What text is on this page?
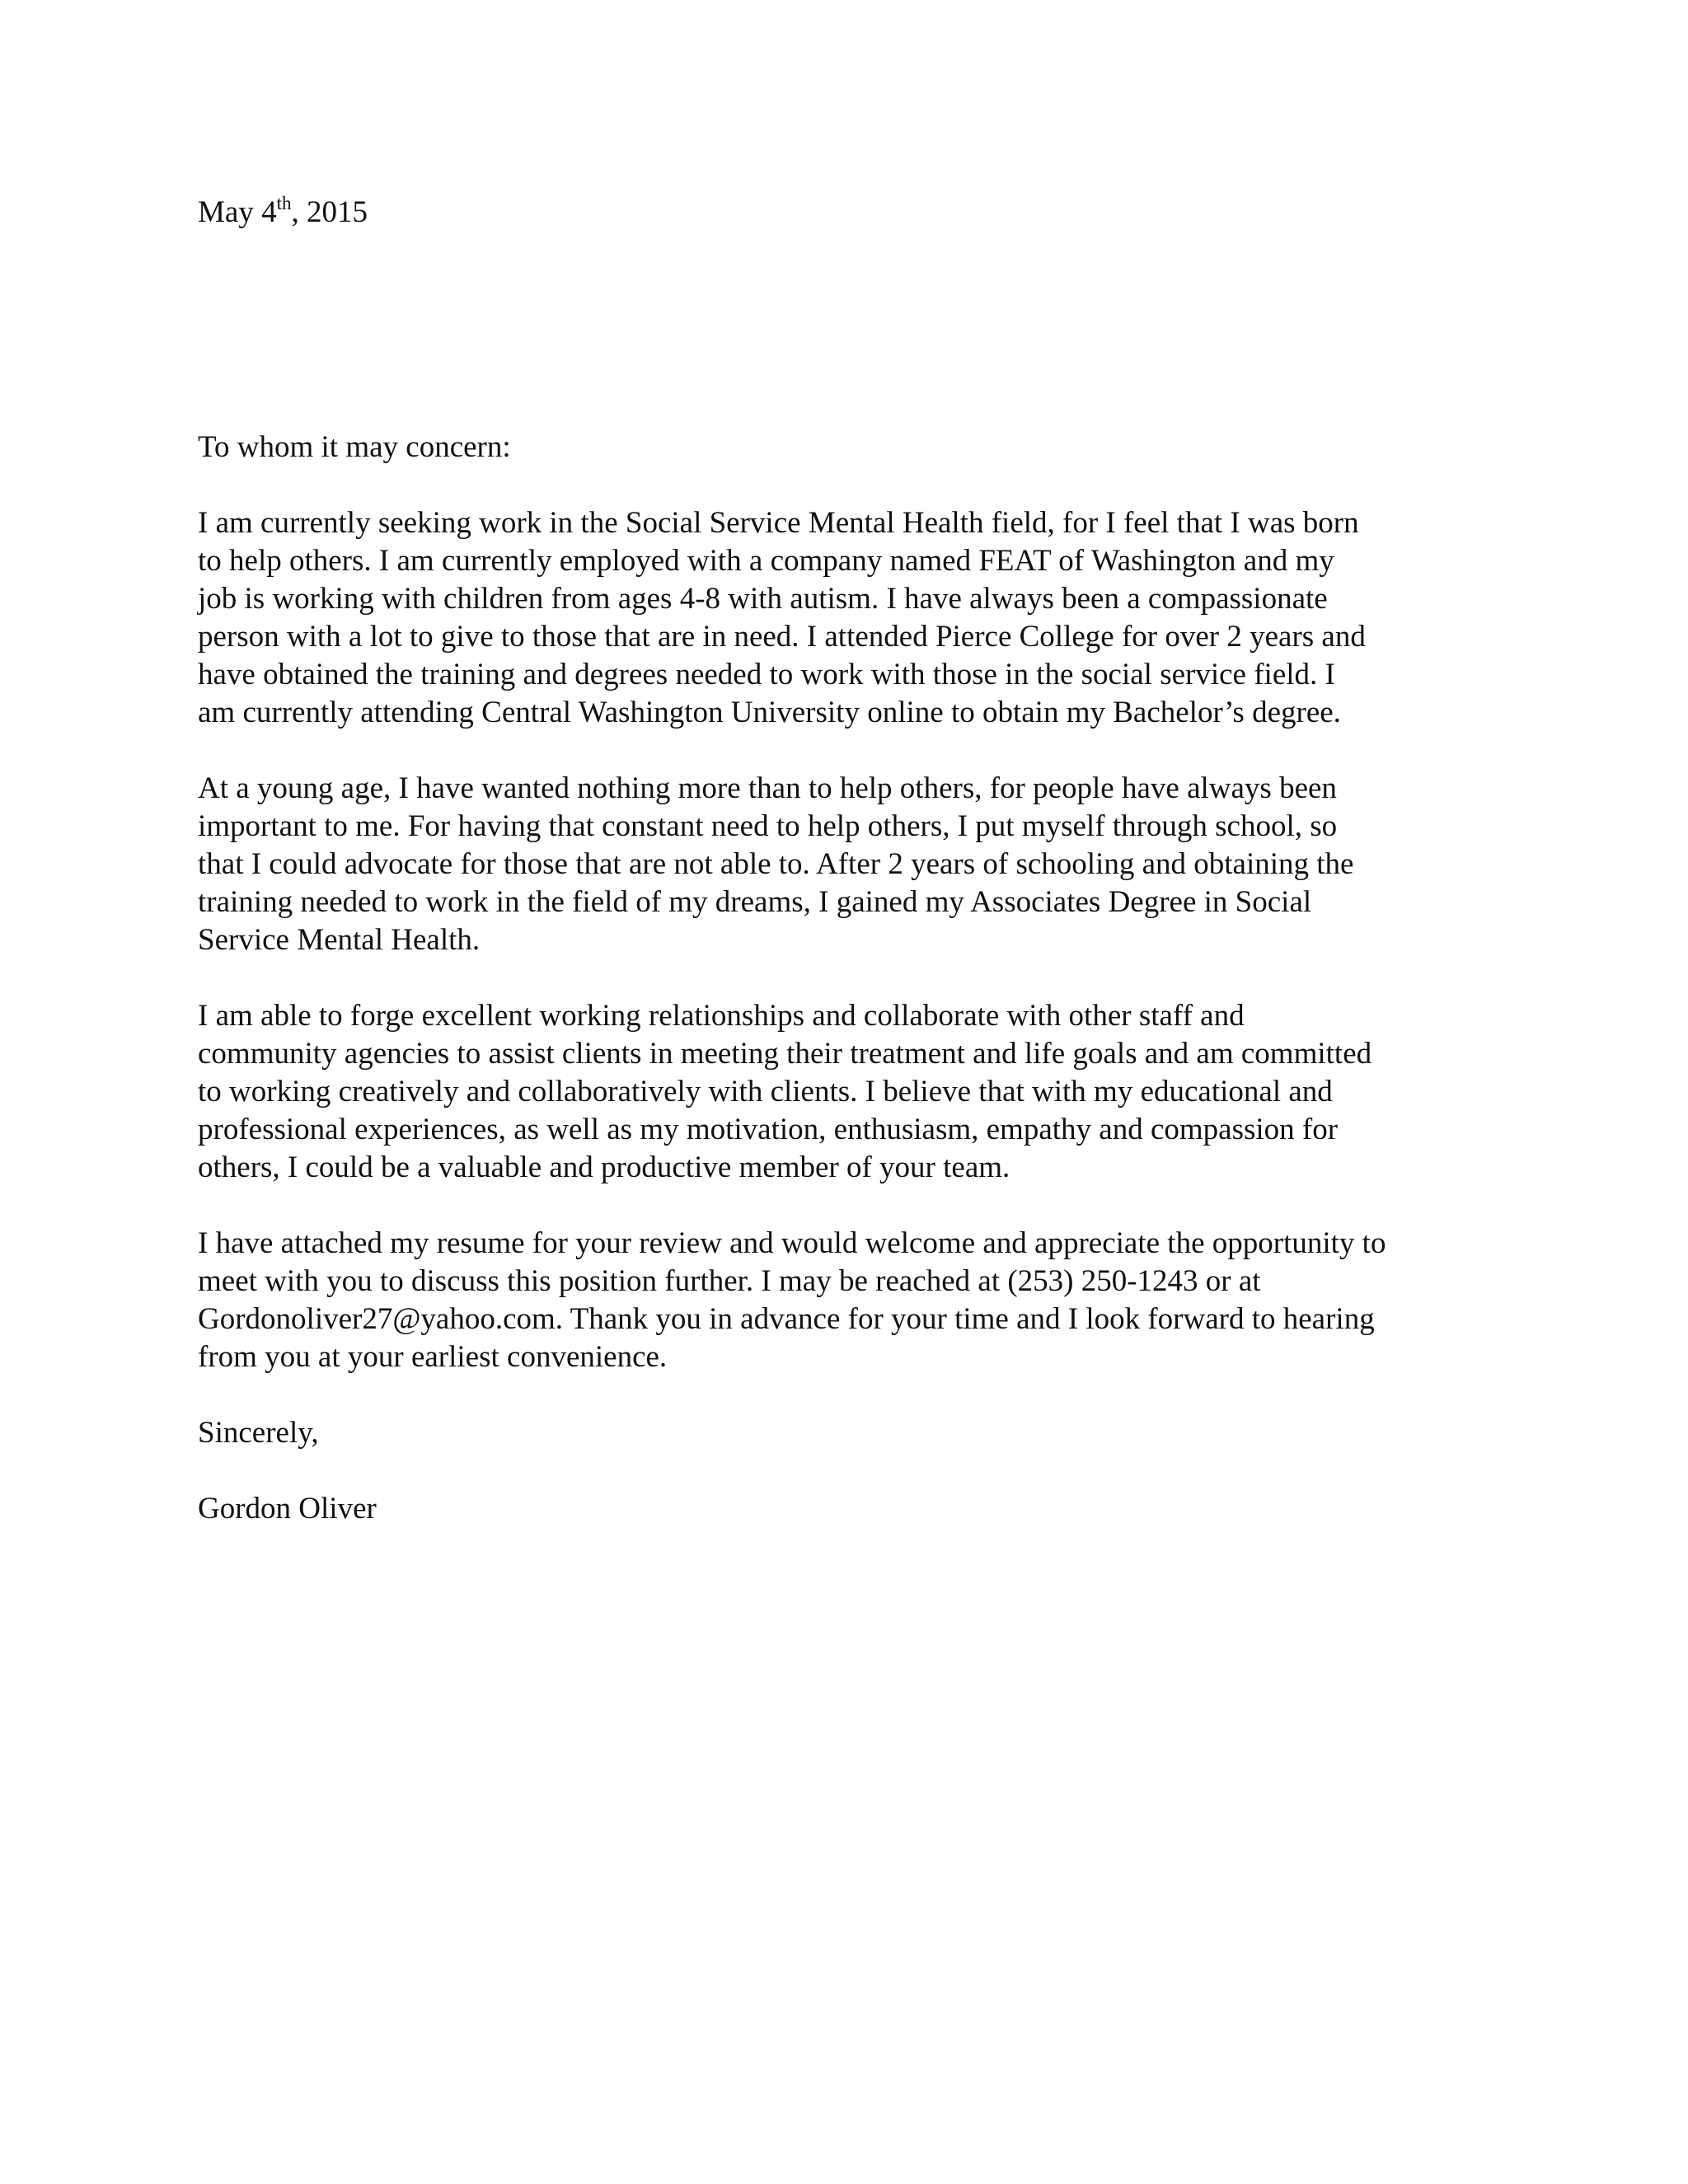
May 4th, 2015

To whom it may concern:

I am currently seeking work in the Social Service Mental Health field, for I feel that I was born
to help others. I am currently employed with a company named FEAT of Washington and my
job is working with children from ages 4-8 with autism. I have always been a compassionate
person with a lot to give to those that are in need. I attended Pierce College for over 2 years and
have obtained the training and degrees needed to work with those in the social service field. I
am currently attending Central Washington University online to obtain my Bachelor’s degree.

At a young age, I have wanted nothing more than to help others, for people have always been
important to me. For having that constant need to help others, I put myself through school, so
that I could advocate for those that are not able to. After 2 years of schooling and obtaining the
training needed to work in the field of my dreams, I gained my Associates Degree in Social
Service Mental Health.

I am able to forge excellent working relationships and collaborate with other staff and
community agencies to assist clients in meeting their treatment and life goals and am committed
to working creatively and collaboratively with clients. I believe that with my educational and
professional experiences, as well as my motivation, enthusiasm, empathy and compassion for
others, I could be a valuable and productive member of your team.

I have attached my resume for your review and would welcome and appreciate the opportunity to
meet with you to discuss this position further. I may be reached at (253) 250-1243 or at
Gordonoliver27@yahoo.com. Thank you in advance for your time and I look forward to hearing
from you at your earliest convenience.

Sincerely,

Gordon Oliver
